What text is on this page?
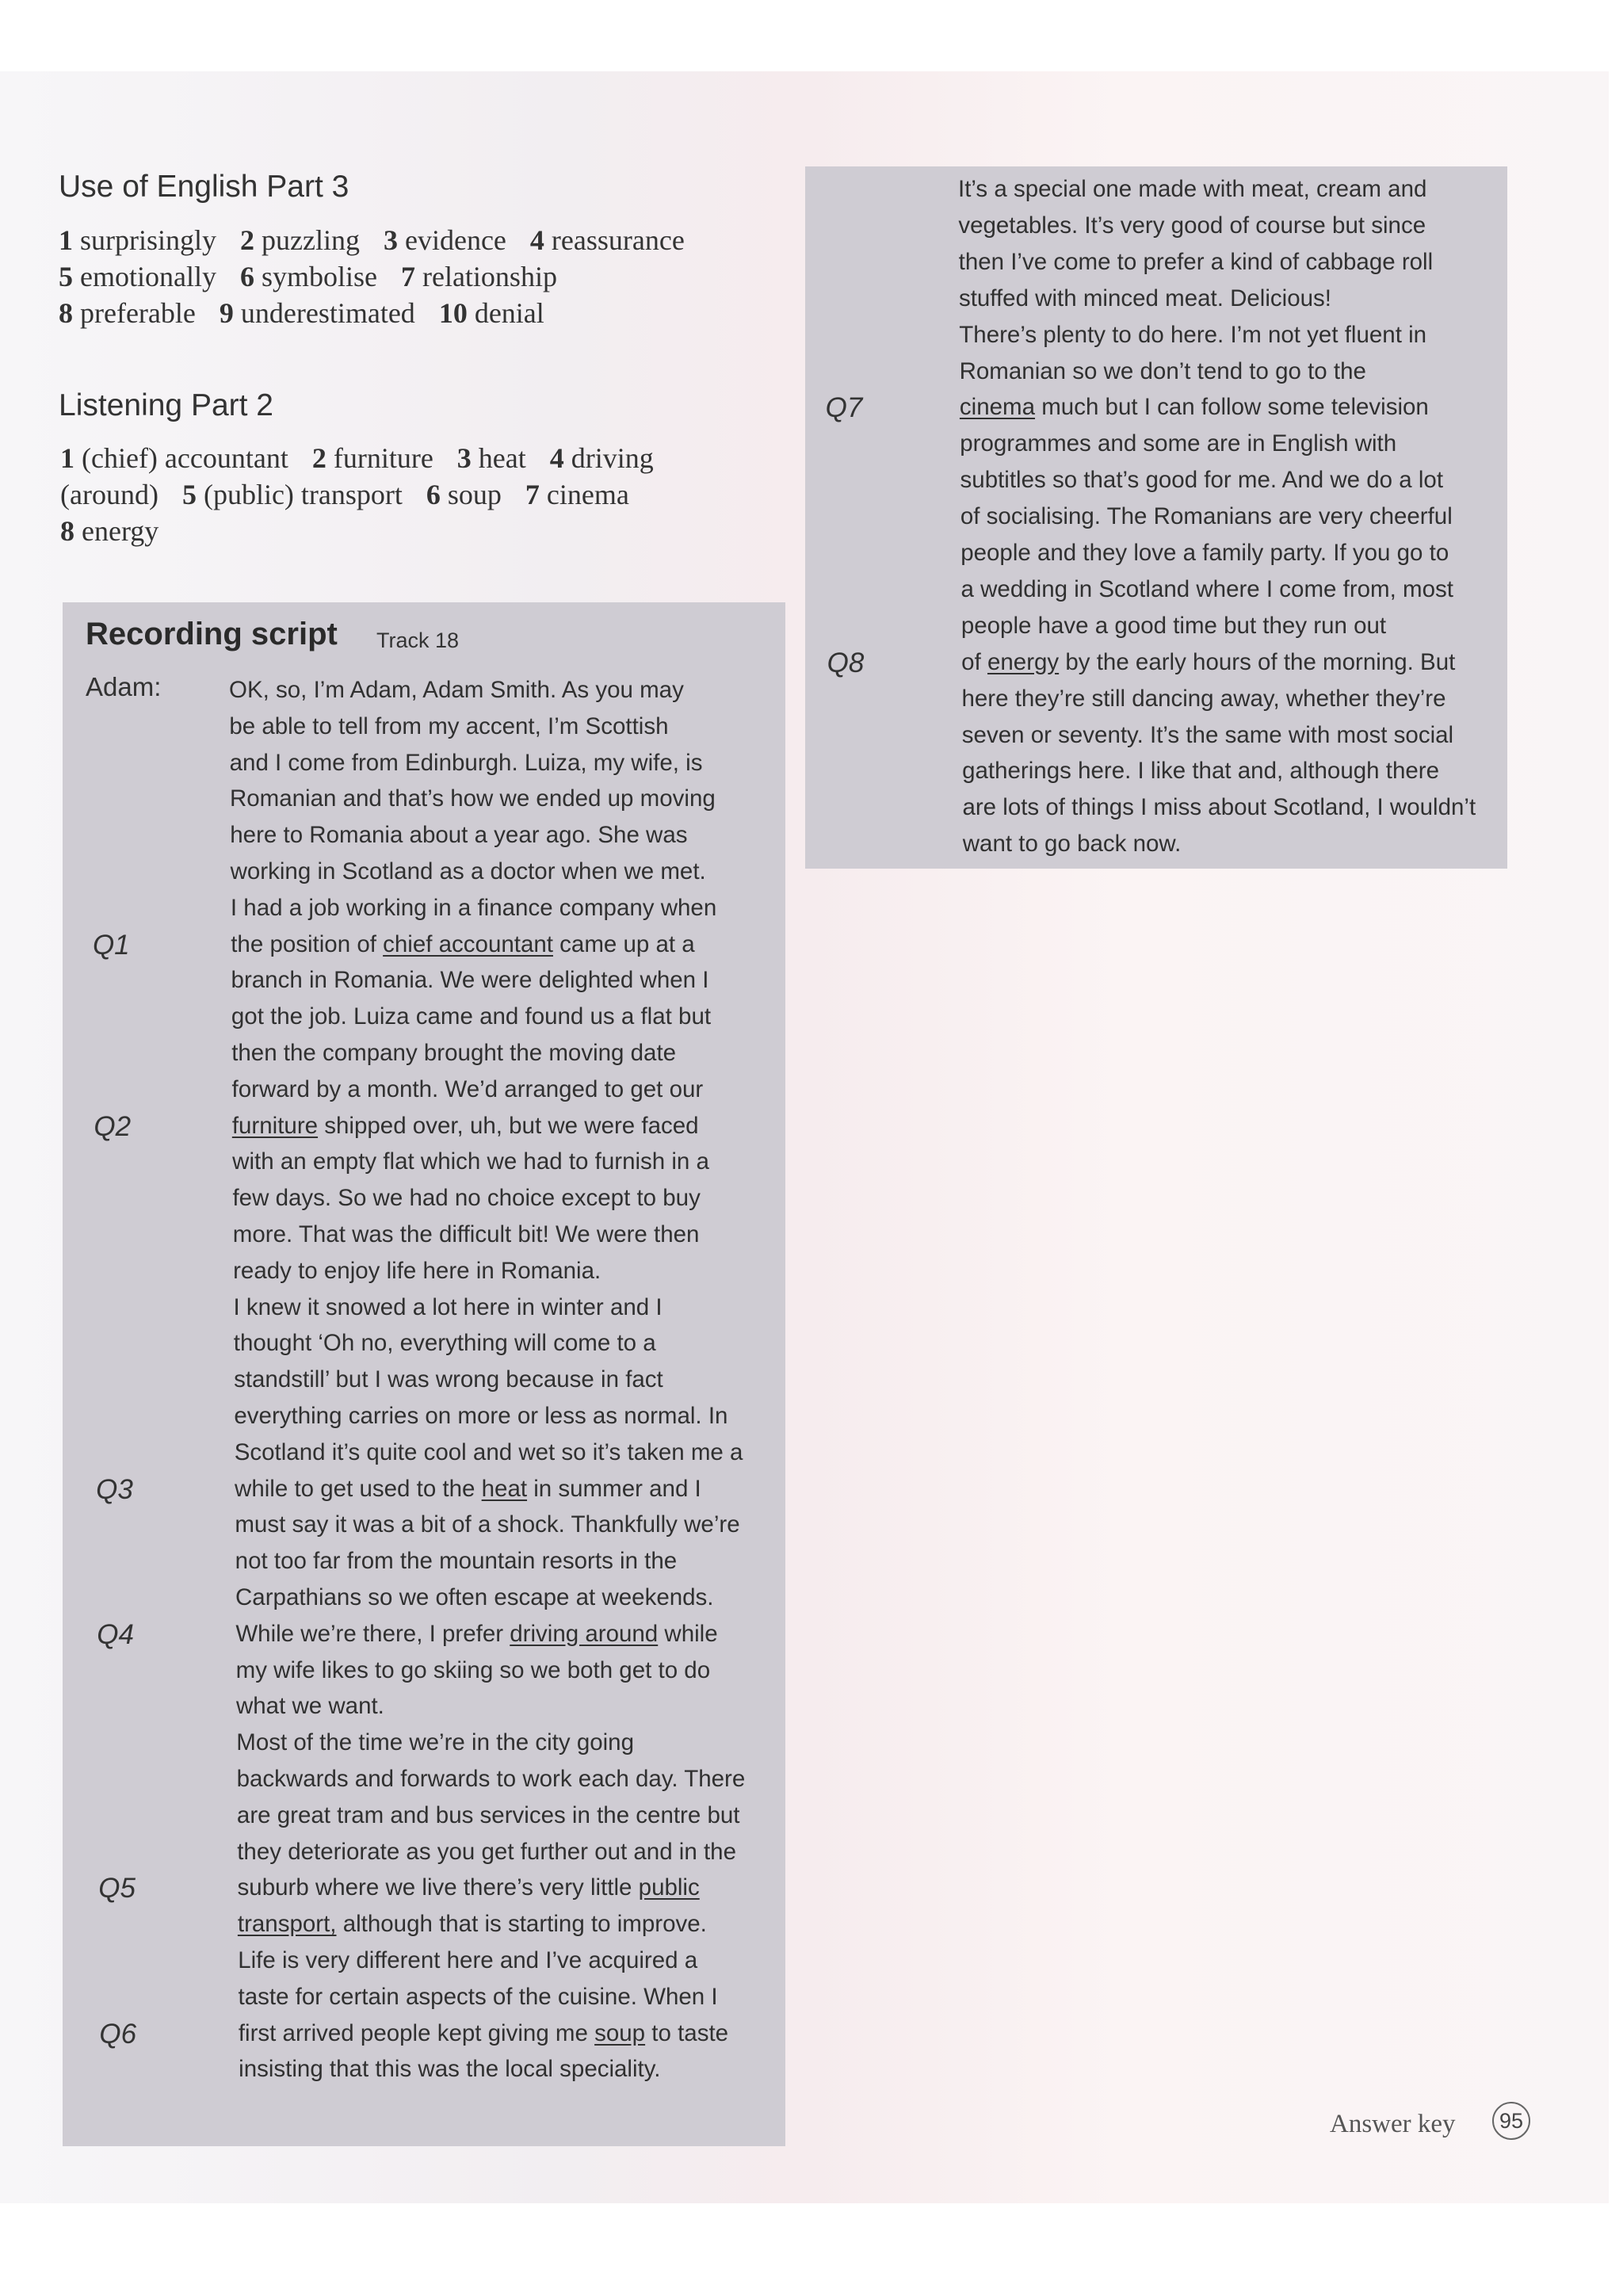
Use of English Part 3
1 surprisingly 2 puzzling 3 evidence 4 reassurance
5 emotionally 6 symbolise 7 relationship
8 preferable 9 underestimated 10 denial
Listening Part 2
1 (chief) accountant 2 furniture 3 heat 4 driving
(around) 5 (public) transport 6 soup 7 cinema
8 energy
Recording script Track 18
Adam:	OK, so, I’m Adam, Adam Smith. As you may
be able to tell from my accent, I’m Scottish
and I come from Edinburgh. Luiza, my wife, is
Romanian and that’s how we ended up moving
here to Romania about a year ago. She was
working in Scotland as a doctor when we met.
I had a job working in a finance company when
the position of chief accountant came up at a
Q1
branch in Romania. We were delighted when I
got the job. Luiza came and found us a flat but
then the company brought the moving date
forward by a month. We’d arranged to get our
furniture shipped over, uh, but we were faced
Q2
with an empty flat which we had to furnish in a
few days. So we had no choice except to buy
more. That was the difficult bit! We were then
ready to enjoy life here in Romania.
I knew it snowed a lot here in winter and I
thought ‘Oh no, everything will come to a
standstill’ but I was wrong because in fact
everything carries on more or less as normal. In
Scotland it’s quite cool and wet so it’s taken me a
while to get used to the heat in summer and I
Q3
must say it was a bit of a shock. Thankfully we’re
not too far from the mountain resorts in the
Carpathians so we often escape at weekends.
While we’re there, I prefer driving around while
Q4
my wife likes to go skiing so we both get to do
what we want.
Most of the time we’re in the city going
backwards and forwards to work each day. There
are great tram and bus services in the centre but
they deteriorate as you get further out and in the
suburb where we live there’s very little public
Q5
transport, although that is starting to improve.
Life is very different here and I’ve acquired a
taste for certain aspects of the cuisine. When I
first arrived people kept giving me soup to taste
Q6
insisting that this was the local speciality.
It’s a special one made with meat, cream and
vegetables. It’s very good of course but since
then I’ve come to prefer a kind of cabbage roll
stuffed with minced meat. Delicious!
There’s plenty to do here. I’m not yet fluent in
Romanian so we don’t tend to go to the
cinema much but I can follow some television
Q7
programmes and some are in English with
subtitles so that’s good for me. And we do a lot
of socialising. The Romanians are very cheerful
people and they love a family party. If you go to
a wedding in Scotland where I come from, most
people have a good time but they run out
of energy by the early hours of the morning. But
Q8
here they’re still dancing away, whether they’re
seven or seventy. It’s the same with most social
gatherings here. I like that and, although there
are lots of things I miss about Scotland, I wouldn’t
want to go back now.
Answer key	95
